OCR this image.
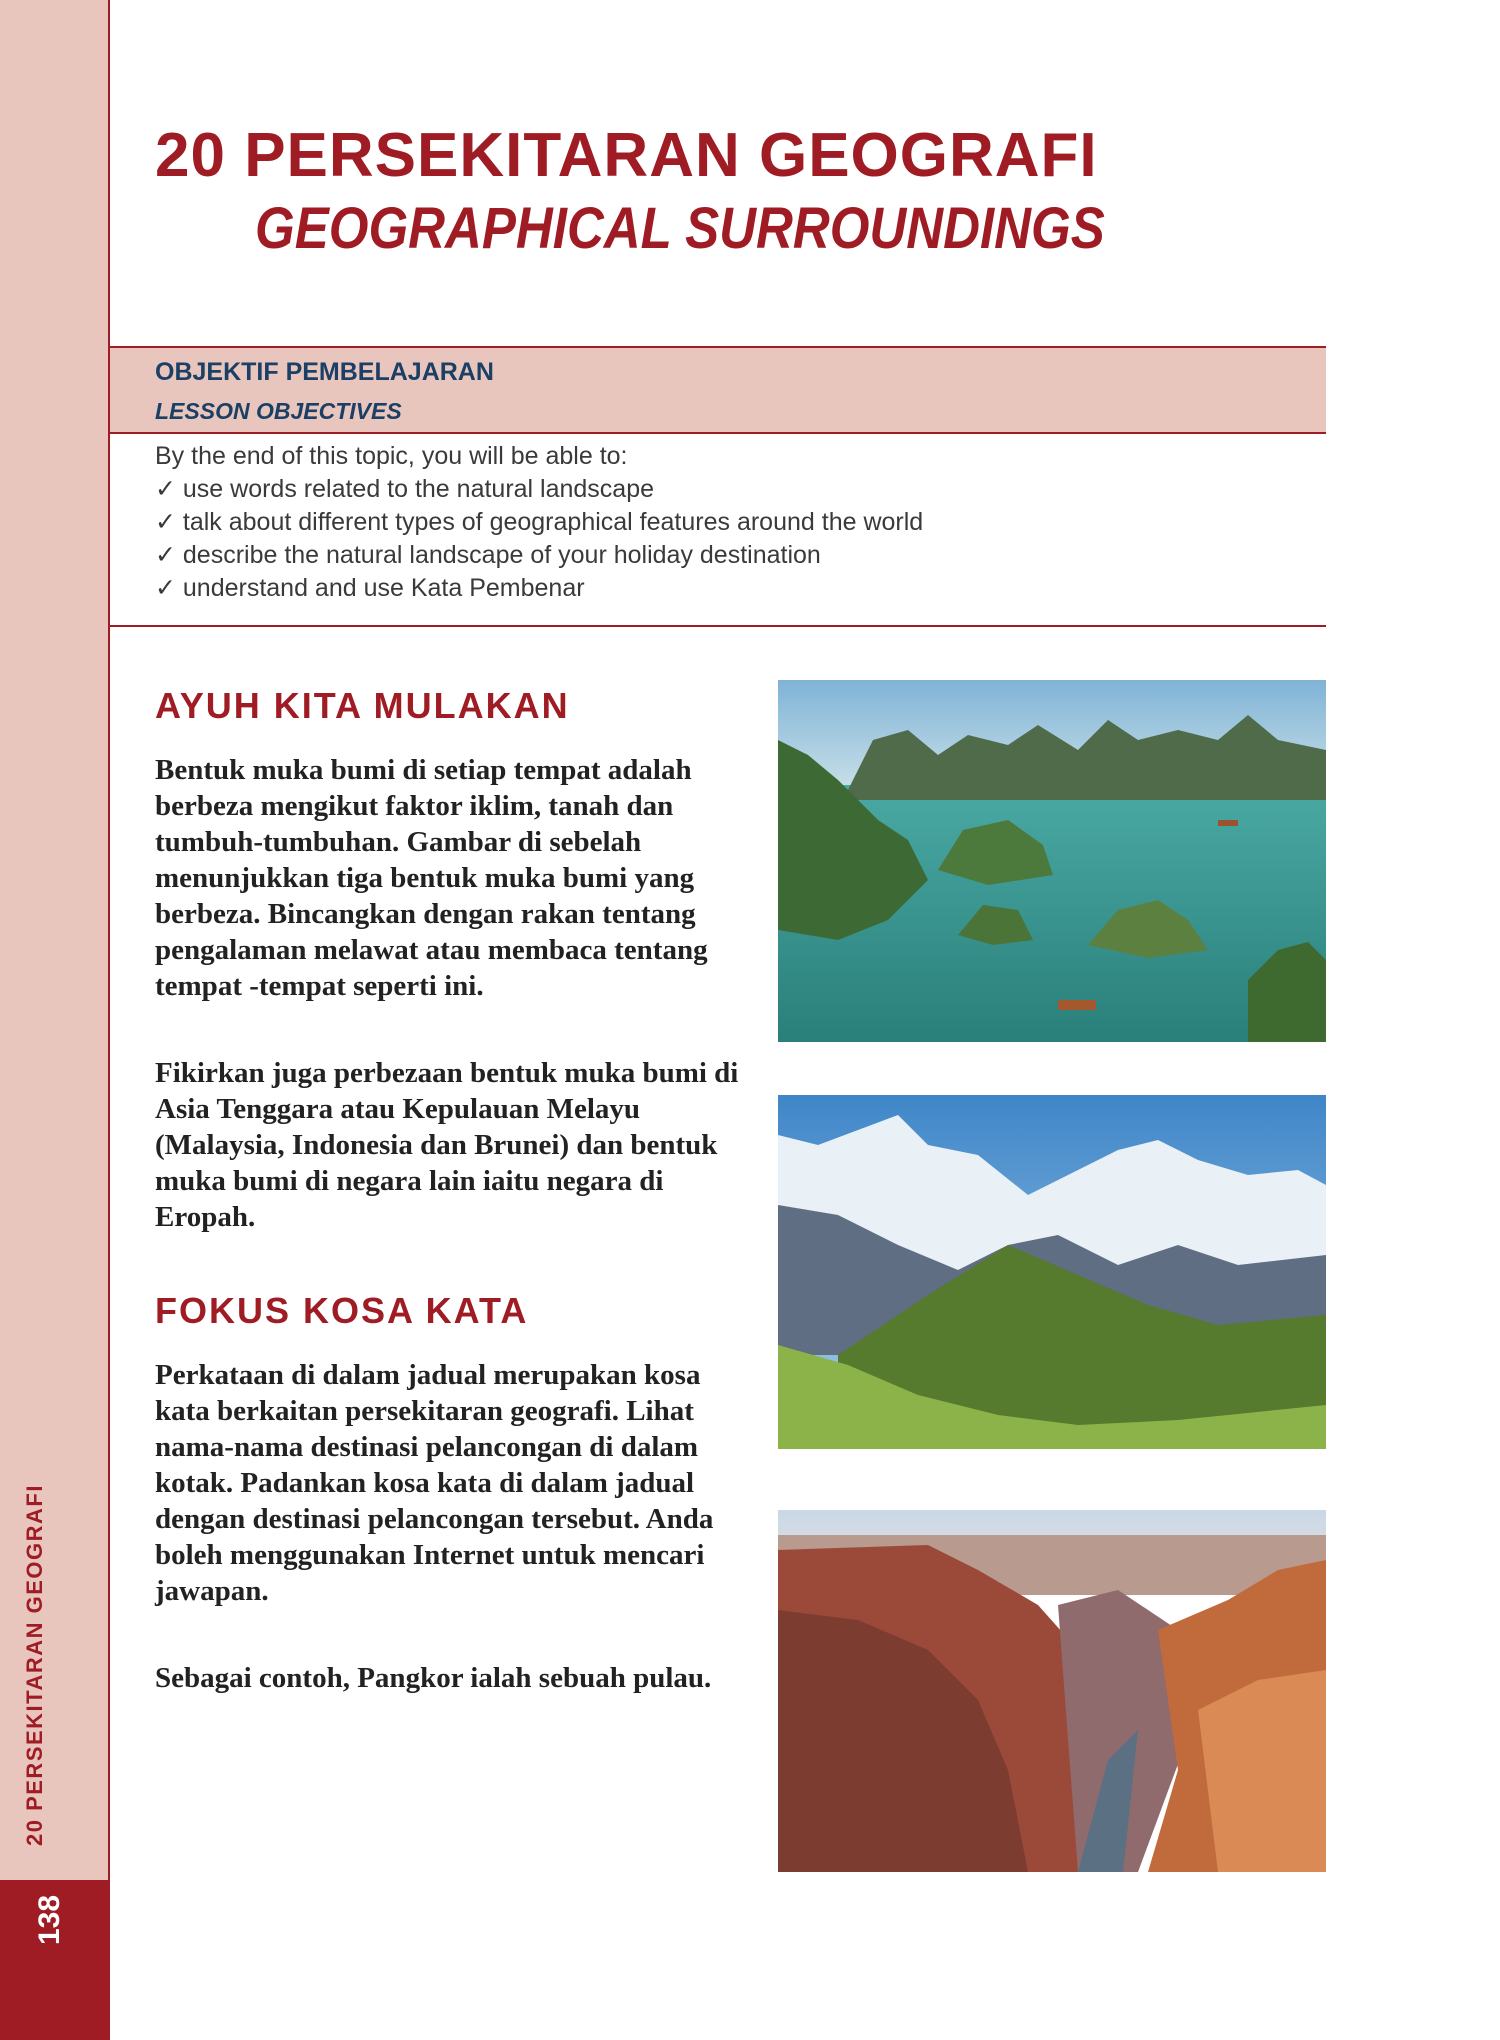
138
20 PERSEKITARAN GEOGRAFI
20 PERSEKITARAN GEOGRAFI
GEOGRAPHICAL SURROUNDINGS
OBJEKTIF PEMBELAJARAN
LESSON OBJECTIVES
By the end of this topic, you will be able to:
✓ use words related to the natural landscape
✓ talk about different types of geographical features around the world
✓ describe the natural landscape of your holiday destination
✓ understand and use Kata Pembenar
AYUH KITA MULAKAN
Bentuk muka bumi di setiap tempat adalah berbeza mengikut faktor iklim, tanah dan tumbuh-tumbuhan. Gambar di sebelah menunjukkan tiga bentuk muka bumi yang berbeza. Bincangkan dengan rakan tentang pengalaman melawat atau membaca tentang tempat -tempat seperti ini.
Fikirkan juga perbezaan bentuk muka bumi di Asia Tenggara atau Kepulauan Melayu (Malaysia, Indonesia dan Brunei) dan bentuk muka bumi di negara lain iaitu negara di Eropah.
FOKUS KOSA KATA
Perkataan di dalam jadual merupakan kosa kata berkaitan persekitaran geografi. Lihat nama-nama destinasi pelancongan di dalam kotak. Padankan kosa kata di dalam jadual dengan destinasi pelancongan tersebut. Anda boleh menggunakan Internet untuk mencari jawapan.
Sebagai contoh, Pangkor ialah sebuah pulau.
